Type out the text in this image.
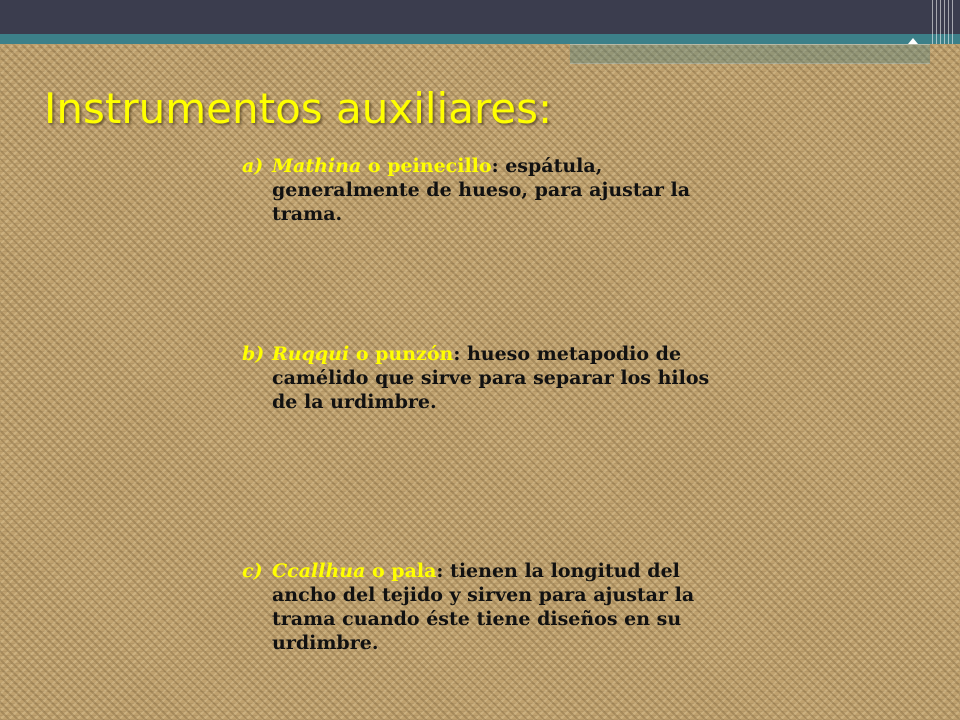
Instrumentos auxiliares:
a) Mathina o peinecillo: espátula, generalmente de hueso, para ajustar la trama.
b) Ruqqui o punzón: hueso metapodio de camélido que sirve para separar los hilos de la urdimbre.
c) Ccallhua o pala: tienen la longitud del ancho del tejido y sirven para ajustar la trama cuando éste tiene diseños en su urdimbre.
